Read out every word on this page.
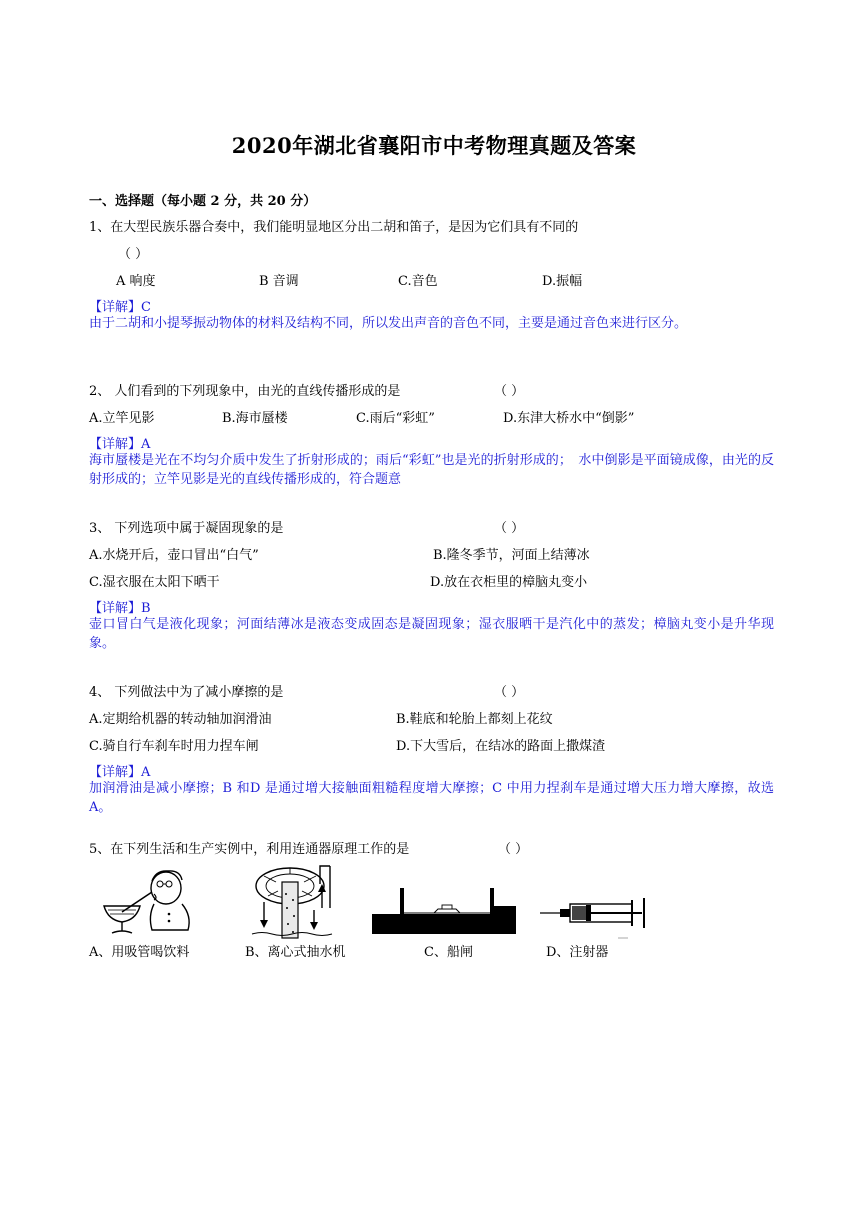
2020年湖北省襄阳市中考物理真题及答案
一、选择题（每小题 2 分，共 20 分）
1、在大型民族乐器合奏中，我们能明显地区分出二胡和笛子，是因为它们具有不同的
（ ）
A 响度	B 音调	C.音色	D.振幅
【详解】C
由于二胡和小提琴振动物体的材料及结构不同，所以发出声音的音色不同，主要是通过音色来进行区分。
2、 人们看到的下列现象中，由光的直线传播形成的是	（ ）
A.立竿见影	B.海市蜃楼	C.雨后“彩虹”	D.东津大桥水中“倒影”
【详解】A
海市蜃楼是光在不均匀介质中发生了折射形成的；雨后“彩虹”也是光的折射形成的；　水中倒影是平面镜成像，由光的反射形成的；立竿见影是光的直线传播形成的，符合题意
3、 下列选项中属于凝固现象的是	（ ）
A.水烧开后，壶口冒出“白气”	B.隆冬季节，河面上结薄冰
C.湿衣服在太阳下晒干	D.放在衣柜里的樟脑丸变小
【详解】B
壶口冒白气是液化现象；河面结薄冰是液态变成固态是凝固现象；湿衣服晒干是汽化中的蒸发；樟脑丸变小是升华现象。
4、 下列做法中为了减小摩擦的是	（ ）
A.定期给机器的转动轴加润滑油	B.鞋底和轮胎上都刻上花纹
C.骑自行车刹车时用力捏车闸	D.下大雪后，在结冰的路面上撒煤渣
【详解】A
加润滑油是减小摩擦；B 和D 是通过增大接触面粗糙程度增大摩擦；C 中用力捏刹车是通过增大压力增大摩擦，故选 A。
5、在下列生活和生产实例中，利用连通器原理工作的是	（ ）
A、用吸管喝饮料	B、离心式抽水机	C、船闸	D、注射器
